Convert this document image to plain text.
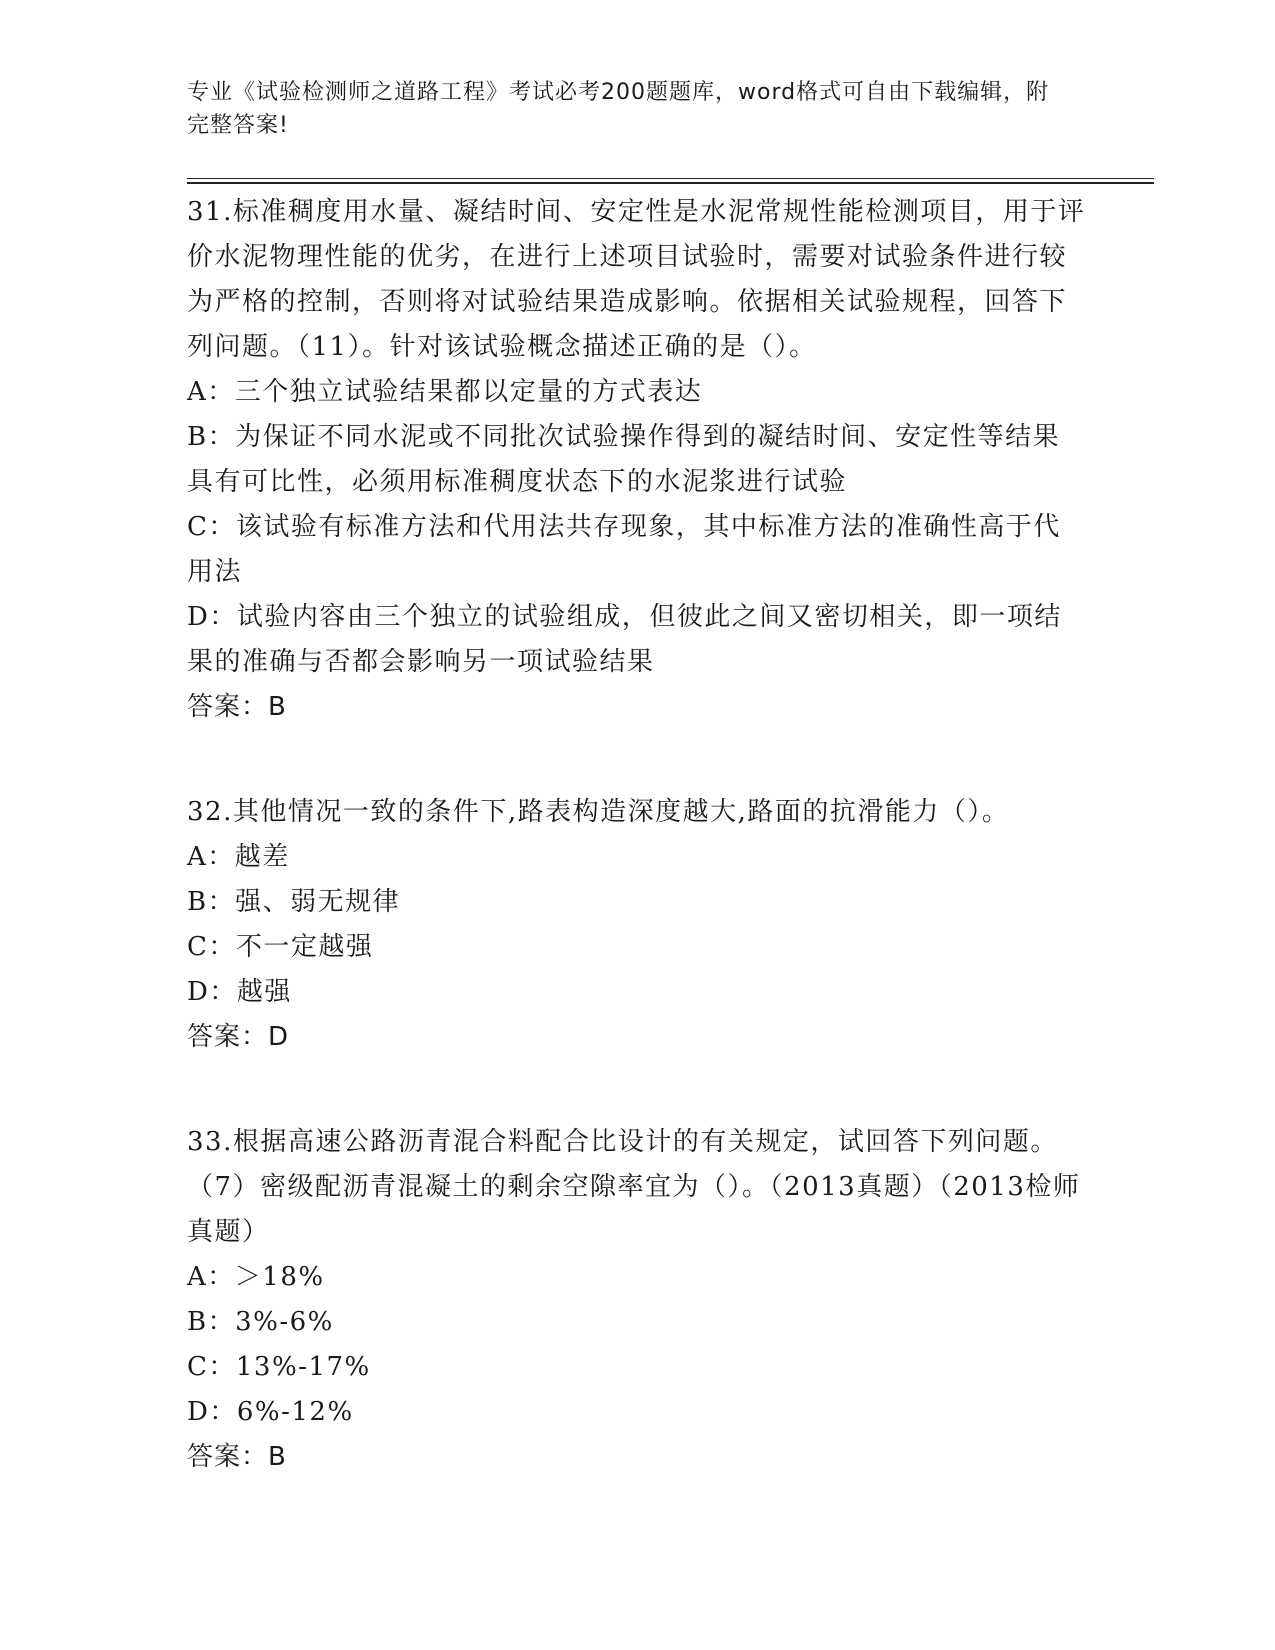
专业《试验检测师之道路工程》考试必考200题题库，word格式可自由下载编辑，附完整答案!

31.标准稠度用水量、凝结时间、安定性是水泥常规性能检测项目，用于评价水泥物理性能的优劣，在进行上述项目试验时，需要对试验条件进行较为严格的控制，否则将对试验结果造成影响。依据相关试验规程，回答下列问题。（11）。针对该试验概念描述正确的是（）。

A：三个独立试验结果都以定量的方式表达

B：为保证不同水泥或不同批次试验操作得到的凝结时间、安定性等结果具有可比性，必须用标准稠度状态下的水泥浆进行试验

C：该试验有标准方法和代用法共存现象，其中标准方法的准确性高于代用法

D：试验内容由三个独立的试验组成，但彼此之间又密切相关，即一项结果的准确与否都会影响另一项试验结果

答案：B

32.其他情况一致的条件下,路表构造深度越大,路面的抗滑能力（）。

A：越差

B：强、弱无规律

C：不一定越强

D：越强

答案：D

33.根据高速公路沥青混合料配合比设计的有关规定，试回答下列问题。（7）密级配沥青混凝土的剩余空隙率宜为（）。（2013真题）（2013检师真题）

A：＞18%

B：3%-6%

C：13%-17%

D：6%-12%

答案：B
